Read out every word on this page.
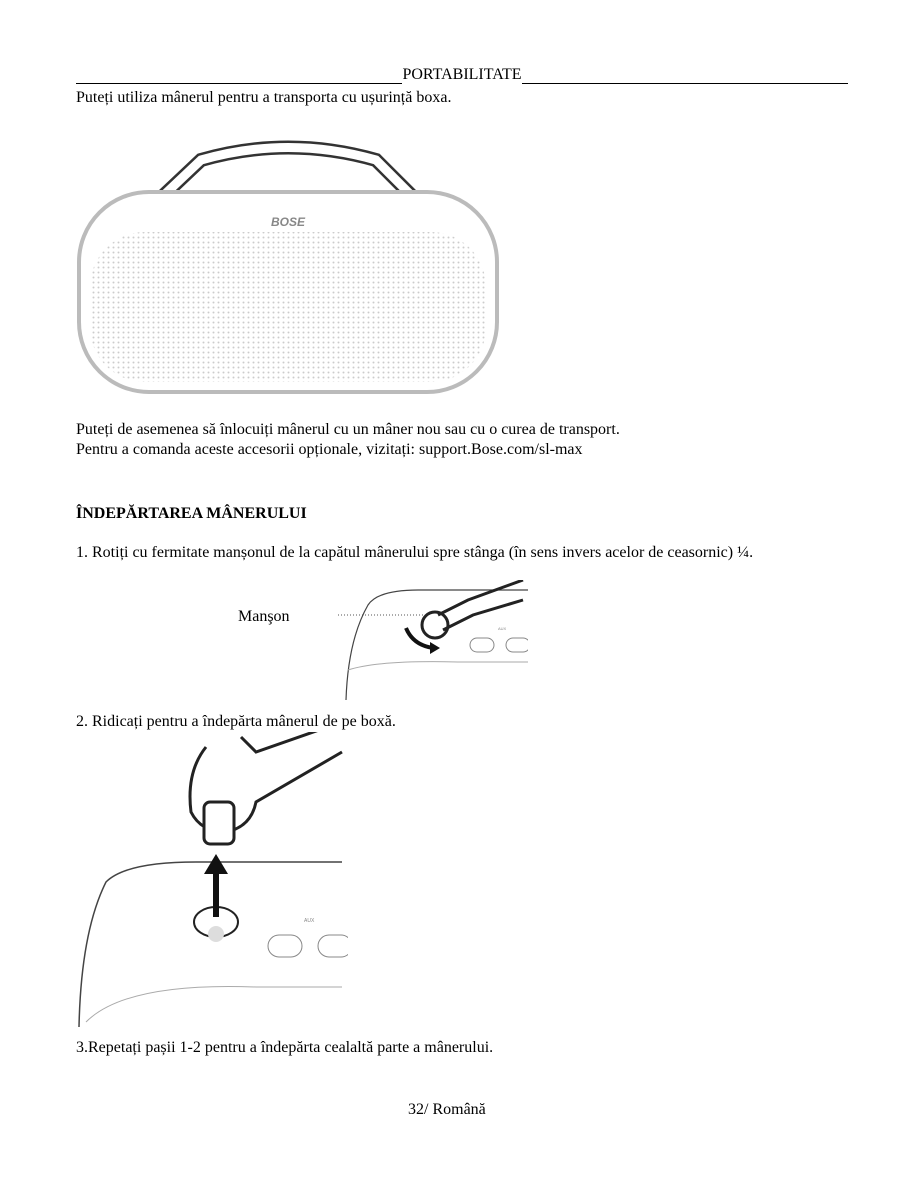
PORTABILITATE
Puteți utiliza mânerul pentru a transporta cu ușurință boxa.
BOSE
Puteți de asemenea să înlocuiți mânerul cu un mâner nou sau cu o curea de transport.
Pentru a comanda aceste accesorii opționale, vizitați: support.Bose.com/sl-max
ÎNDEPĂRTAREA MÂNERULUI
1. Rotiți cu fermitate manșonul de la capătul mânerului spre stânga (în sens invers acelor de ceasornic) ¼.
Manşon
AUX
2. Ridicați pentru a îndepărta mânerul de pe boxă.
AUX
3.Repetați pașii 1-2 pentru a îndepărta cealaltă parte a mânerului.
32/ Română
